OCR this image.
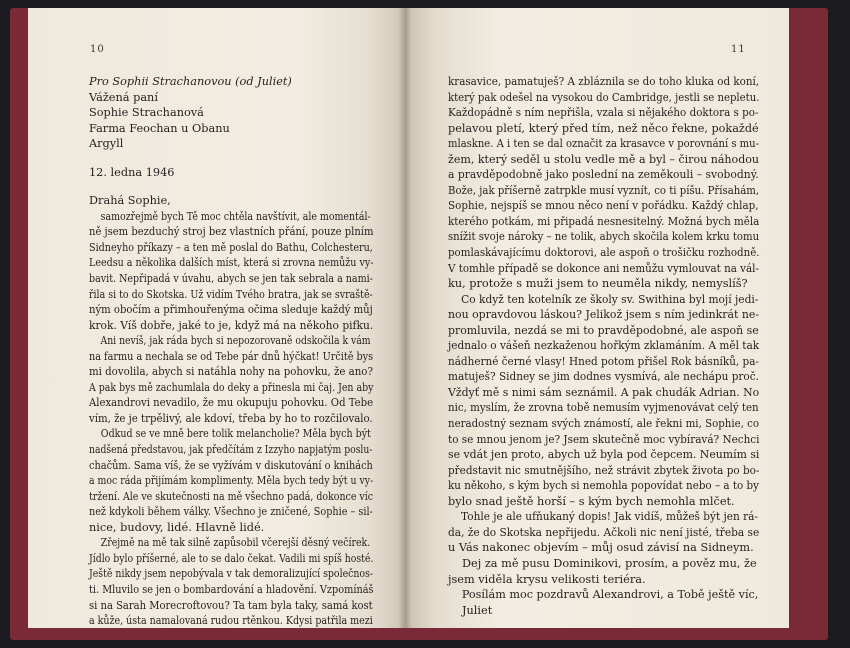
10
Pro Sophii Strachanovou (od Juliet)
Vážená paní
Sophie Strachanová
Farma Feochan u Obanu
Argyll
12. ledna 1946
Drahá Sophie,
samozřejmě bych Tě moc chtěla navštívit, ale momentál-
ně jsem bezduchý stroj bez vlastních přání, pouze plním
Sidneyho příkazy – a ten mě poslal do Bathu, Colchesteru,
Leedsu a několika dalších míst, která si zrovna nemůžu vy-
bavit. Nepřipadá v úvahu, abych se jen tak sebrala a nami-
řila si to do Skotska. Už vidím Tvého bratra, jak se svraště-
ným obočím a přimhouřenýma očima sleduje každý můj
krok. Víš dobře, jaké to je, když má na někoho pifku.
Ani nevíš, jak ráda bych si nepozorovaně odskočila k vám
na farmu a nechala se od Tebe pár dnů hýčkat! Určitě bys
mi dovolila, abych si natáhla nohy na pohovku, že ano?
A pak bys mě zachumlala do deky a přinesla mi čaj. Jen aby
Alexandrovi nevadilo, že mu okupuju pohovku. Od Tebe
vím, že je trpělivý, ale kdoví, třeba by ho to rozčilovalo.
Odkud se ve mně bere tolik melancholie? Měla bych být
nadšená představou, jak předčítám z Izzyho napjatým poslu-
chačům. Sama víš, že se vyžívám v diskutování o knihách
a moc ráda přijímám komplimenty. Měla bych tedy být u vy-
tržení. Ale ve skutečnosti na mě všechno padá, dokonce víc
než kdykoli během války. Všechno je zničené, Sophie – sil-
nice, budovy, lidé. Hlavně lidé.
Zřejmě na mě tak silně zapůsobil včerejší děsný večírek.
Jídlo bylo příšerné, ale to se dalo čekat. Vadili mi spíš hosté.
Ještě nikdy jsem nepobývala v tak demoralizující společnos-
ti. Mluvilo se jen o bombardování a hladovění. Vzpomínáš
si na Sarah Morecroftovou? Ta tam byla taky, samá kost
a kůže, ústa namalovaná rudou rtěnkou. Kdysi patřila mezi
11
krasavice, pamatuješ? A zbláznila se do toho kluka od koní,
který pak odešel na vysokou do Cambridge, jestli se nepletu.
Každopádně s ním nepřišla, vzala si nějakého doktora s po-
pelavou pletí, který před tím, než něco řekne, pokaždé
mlaskne. A i ten se dal označit za krasavce v porovnání s mu-
žem, který seděl u stolu vedle mě a byl – čirou náhodou
a pravděpodobně jako poslední na zeměkouli – svobodný.
Bože, jak příšerně zatrpkle musí vyznít, co ti píšu. Přísahám,
Sophie, nejspíš se mnou něco není v pořádku. Každý chlap,
kterého potkám, mi připadá nesnesitelný. Možná bych měla
snížit svoje nároky – ne tolik, abych skočila kolem krku tomu
pomlaskávajícímu doktorovi, ale aspoň o trošičku rozhodně.
V tomhle případě se dokonce ani nemůžu vymlouvat na vál-
ku, protože s muži jsem to neuměla nikdy, nemyslíš?
Co když ten kotelník ze školy sv. Swithina byl mojí jedi-
nou opravdovou láskou? Jelikož jsem s ním jedinkrát ne-
promluvila, nezdá se mi to pravděpodobné, ale aspoň se
jednalo o vášeň nezkaženou hořkým zklamáním. A měl tak
nádherné černé vlasy! Hned potom přišel Rok básníků, pa-
matuješ? Sidney se jim dodnes vysmívá, ale nechápu proč.
Vždyť mě s nimi sám seznámil. A pak chudák Adrian. No
nic, myslím, že zrovna tobě nemusím vyjmenovávat celý ten
neradostný seznam svých známostí, ale řekni mi, Sophie, co
to se mnou jenom je? Jsem skutečně moc vybíravá? Nechci
se vdát jen proto, abych už byla pod čepcem. Neumím si
představit nic smutnějšího, než strávit zbytek života po bo-
ku někoho, s kým bych si nemohla popovídat nebo – a to by
bylo snad ještě horší – s kým bych nemohla mlčet.
Tohle je ale ufňukaný dopis! Jak vidíš, můžeš být jen rá-
da, že do Skotska nepřijedu. Ačkoli nic není jisté, třeba se
u Vás nakonec objevím – můj osud závisí na Sidneym.
Dej za mě pusu Dominikovi, prosím, a pověz mu, že
jsem viděla krysu velikosti teriéra.
Posílám moc pozdravů Alexandrovi, a Tobě ještě víc,
Juliet
